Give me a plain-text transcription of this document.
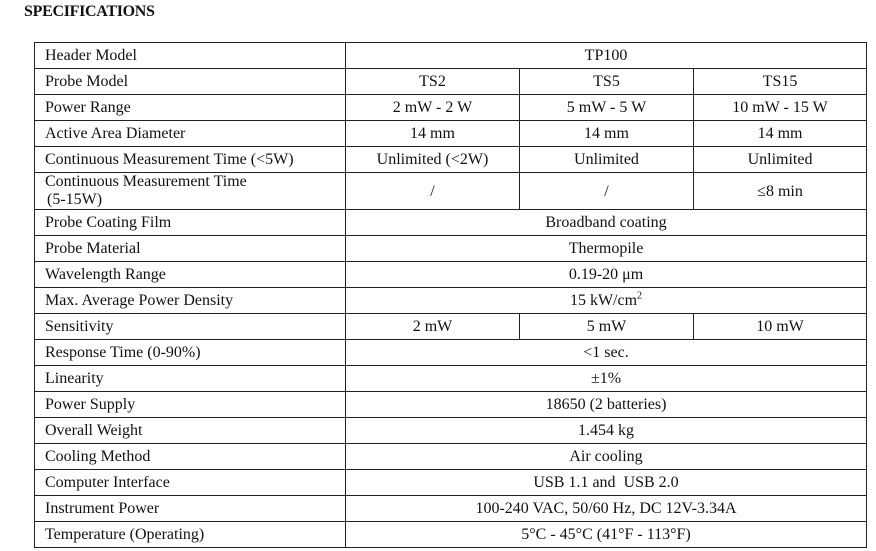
SPECIFICATIONS
Header Model	TP100		
Probe Model	TS2	TS5	TS15
Power Range	2 mW - 2 W	5 mW - 5 W	10 mW - 15 W
Active Area Diameter	14 mm	14 mm	14 mm
Continuous Measurement Time (<5W)	Unlimited (<2W)	Unlimited	Unlimited

Continuous Measurement Time
(5-15W)	/	/	≤8 min
Probe Coating Film	Broadband coating		
Probe Material	Thermopile		
Wavelength Range	0.19-20 μm		
Max. Average Power Density	15 $kW/cm^2$
Sensitivity	2 mW	5 mW	10 mW
Response Time (0-90%)	<1 sec.		
Linearity	±1%		
Power Supply	18650 (2 batteries)		
Overall Weight	1.454 kg		
Cooling Method	Air cooling		
Computer Interface	USB 1.1 and  USB 2.0		
Instrument Power	100-240 VAC, 50/60 Hz, DC 12V-3.34A		
Temperature (Operating)	5°C - 45°C (41°F - 113°F)		
